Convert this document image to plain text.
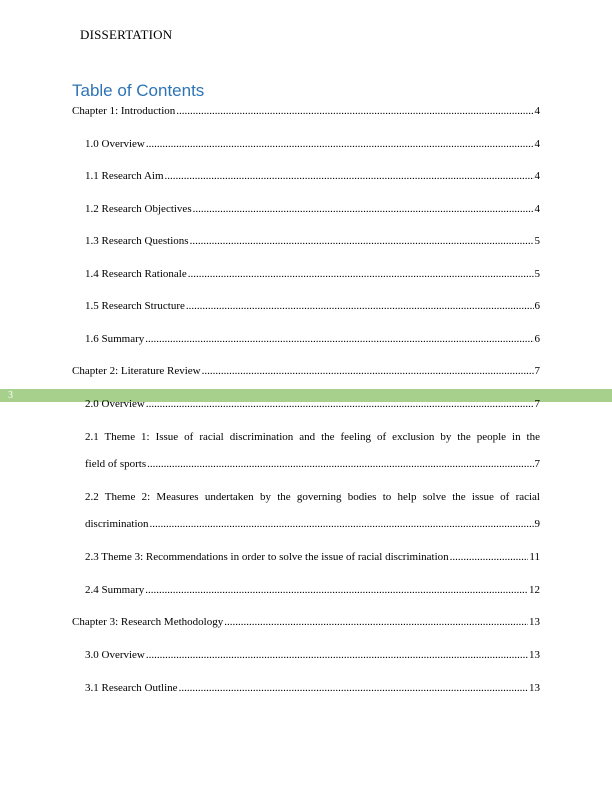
DISSERTATION
Table of Contents
3
Chapter 1: Introduction .....	4
1.0 Overview .....	4
1.1 Research Aim .....	4
1.2 Research Objectives .....	4
1.3 Research Questions .....	5
1.4 Research Rationale .....	5
1.5 Research Structure .....	6
1.6 Summary .....	6
Chapter 2: Literature Review .....	7
2.0 Overview .....	7
2.1 Theme 1: Issue of racial discrimination and the feeling of exclusion by the people in the
field of sports .....	7
2.2 Theme 2: Measures undertaken by the governing bodies to help solve the issue of racial
discrimination .....	9
2.3 Theme 3: Recommendations in order to solve the issue of racial discrimination .....	11
2.4 Summary .....	12
Chapter 3: Research Methodology .....	13
3.0 Overview .....	13
3.1 Research Outline .....	13
